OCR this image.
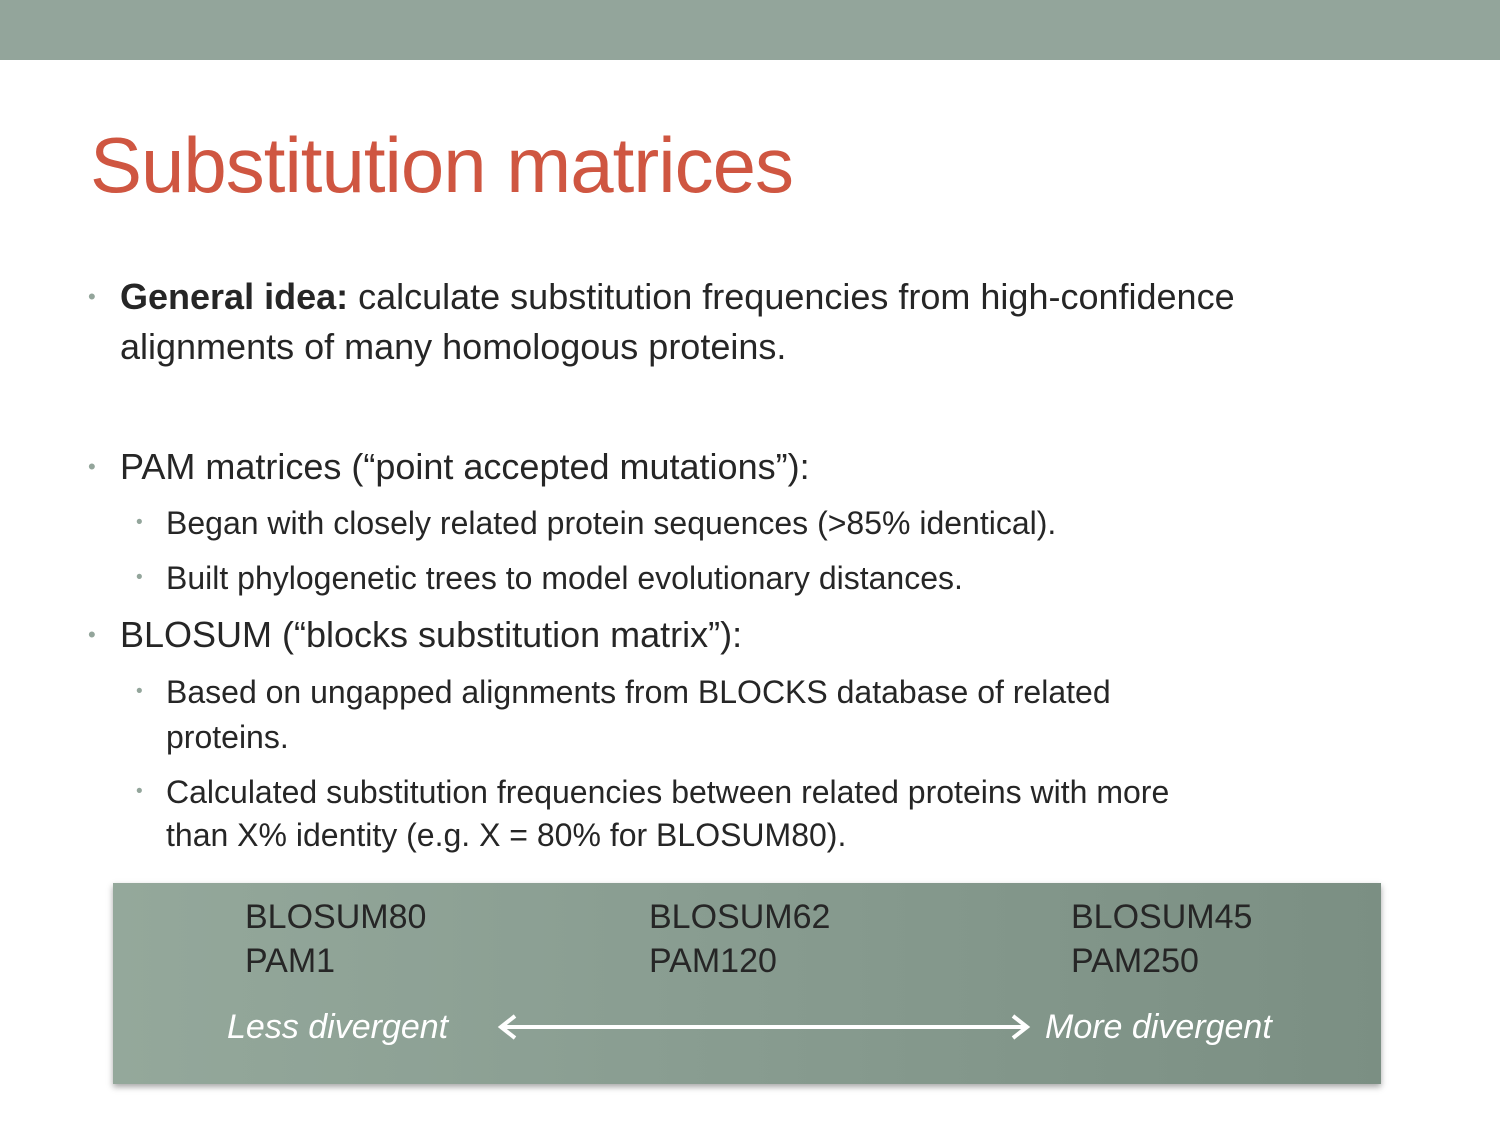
Substitution matrices
• General idea: calculate substitution frequencies from high-confidence
alignments of many homologous proteins.
• PAM matrices (“point accepted mutations”):
• Began with closely related protein sequences (>85% identical).
• Built phylogenetic trees to model evolutionary distances.
• BLOSUM (“blocks substitution matrix”):
• Based on ungapped alignments from BLOCKS database of related
proteins.
• Calculated substitution frequencies between related proteins with more
than X% identity (e.g. X = 80% for BLOSUM80).
BLOSUM80
PAM1
BLOSUM62
PAM120
BLOSUM45
PAM250
Less divergent	More divergent
